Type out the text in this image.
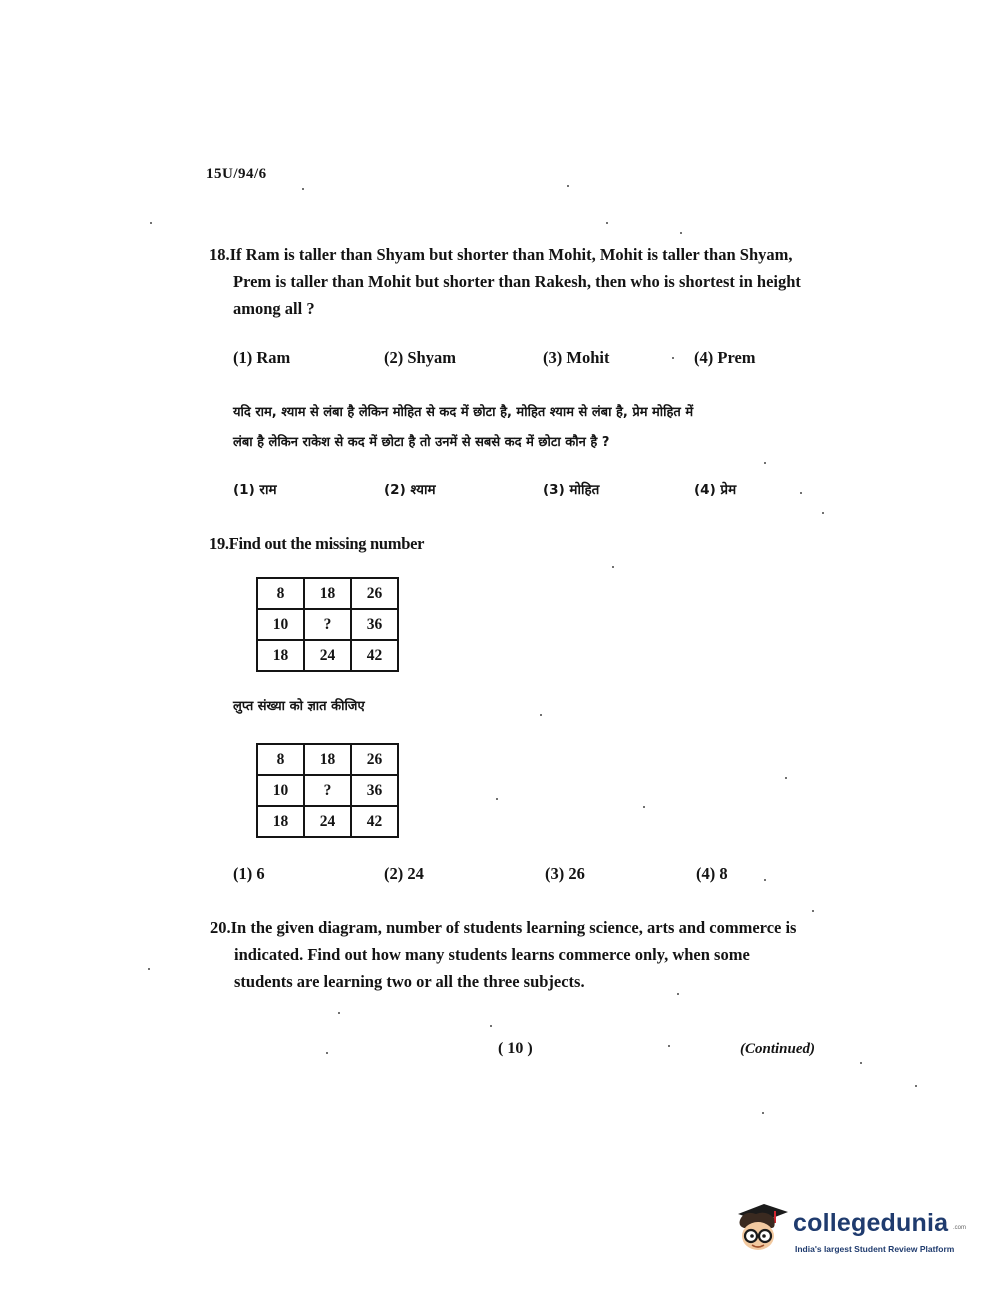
15U/94/6
18.If Ram is taller than Shyam but shorter than Mohit, Mohit is taller than Shyam,
Prem is taller than Mohit but shorter than Rakesh, then who is shortest in height
among all ?
(1) Ram	(2) Shyam	(3) Mohit	(4) Prem
यदि राम, श्याम से लंबा है लेकिन मोहित से कद में छोटा है, मोहित श्याम से लंबा है, प्रेम मोहित में
लंबा है लेकिन राकेश से कद में छोटा है तो उनमें से सबसे कद में छोटा कौन है ?
(1) राम	(2) श्याम	(3) मोहित	(4) प्रेम
19.Find out the missing number
8	18	26
10	?	36
18	24	42
लुप्त संख्या को ज्ञात कीजिए
8	18	26
10	?	36
18	24	42
(1) 6	(2) 24	(3) 26	(4) 8
20.In the given diagram, number of students learning science, arts and commerce is
indicated. Find out how many students learns commerce only, when some
students are learning two or all the three subjects.
( 10 )	(Continued)
collegedunia .com
India's largest Student Review Platform
